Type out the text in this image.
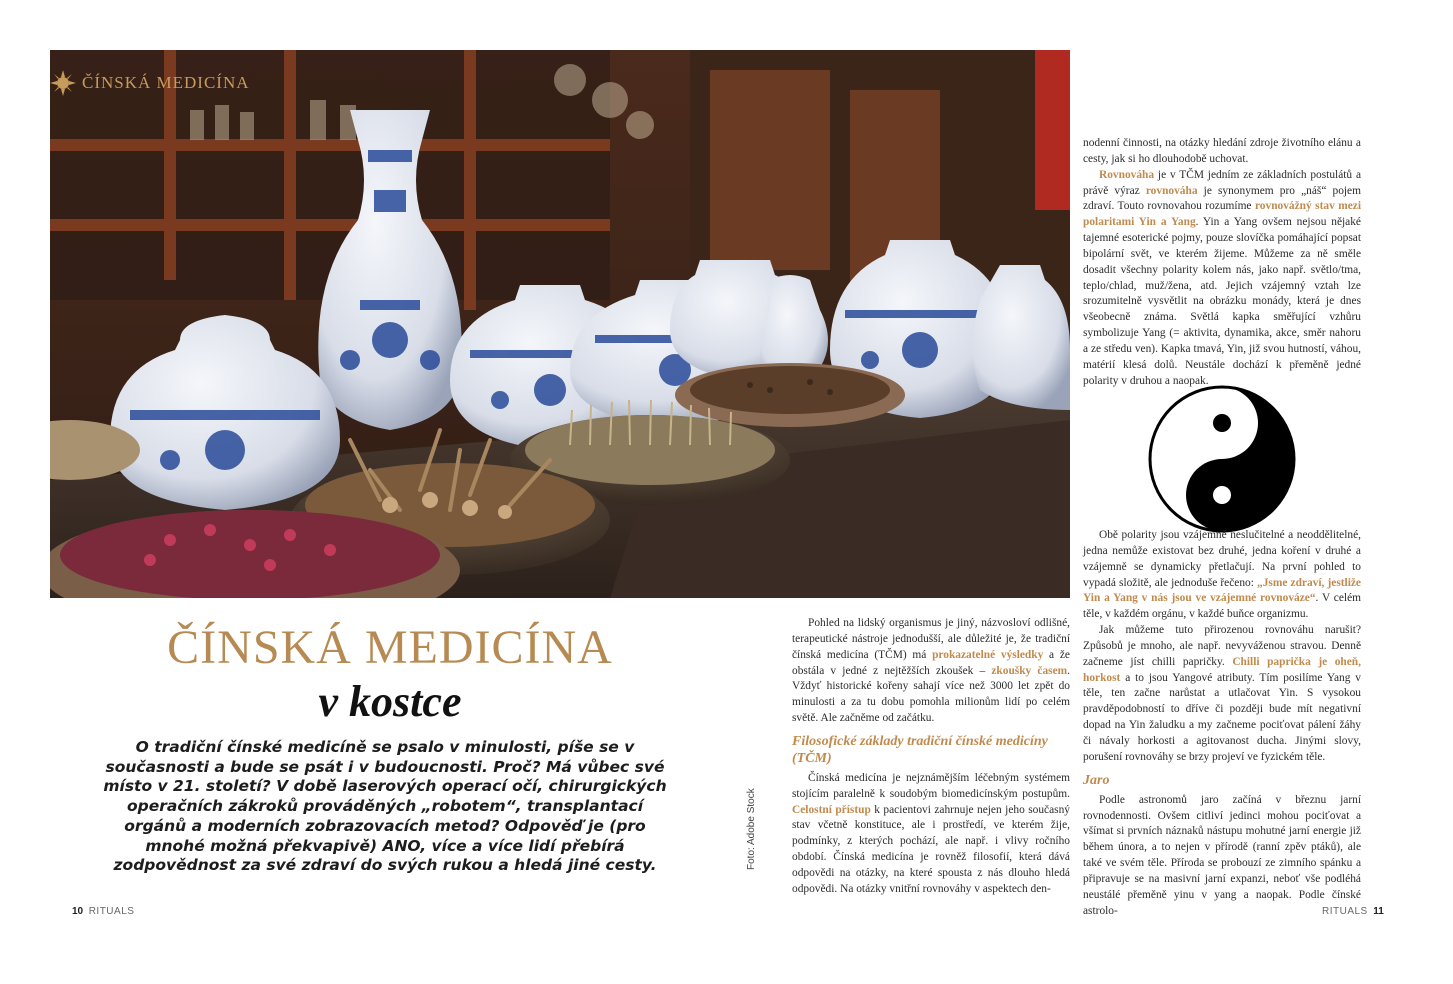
ČÍNSKÁ MEDICÍNA
ČÍNSKÁ MEDICÍNA
v kostce
O tradiční čínské medicíně se psalo v minulosti, píše se v současnosti a bude se psát i v budoucnosti. Proč? Má vůbec své místo v 21. století? V době laserových operací očí, chirurgických operačních zákroků prováděných „robotem“, transplantací orgánů a moderních zobrazovacích metod? Odpověď je (pro mnohé možná překvapivě) ANO, více a více lidí přebírá zodpovědnost za své zdraví do svých rukou a hledá jiné cesty.	Foto: Adobe Stock

Pohled na lidský organismus je jiný, názvosloví odlišné, terapeutické nástroje jednodušší, ale důležité je, že tradiční čínská medicína (TČM) má prokazatelné výsledky a že obstála v jedné z nejtěžších zkoušek – zkoušky časem. Vždyť historické kořeny sahají více než 3000 let zpět do minulosti a za tu dobu pomohla milionům lidí po celém světě. Ale začněme od začátku.

Filosofické základy tradiční čínské medicíny (TČM)

Čínská medicína je nejznámějším léčebným systémem stojícím paralelně k soudobým biomedicínským postupům. Celostní přístup k pacientovi zahrnuje nejen jeho současný stav včetně konstituce, ale i prostředí, ve kterém žije, podmínky, z kterých pochází, ale např. i vlivy ročního období. Čínská medicína je rovněž filosofií, která dává odpovědi na otázky, na které spousta z nás dlouho hledá odpovědi. Na otázky vnitřní rovnováhy v aspektech den-

nodenní činnosti, na otázky hledání zdroje životního elánu a cesty, jak si ho dlouhodobě uchovat.

Rovnováha je v TČM jedním ze základních postulátů a právě výraz rovnováha je synonymem pro „náš“ pojem zdraví. Touto rovnovahou rozumíme rovnovážný stav mezi polaritami Yin a Yang. Yin a Yang ovšem nejsou nějaké tajemné esoterické pojmy, pouze slovíčka pomáhající popsat bipolární svět, ve kterém žijeme. Můžeme za ně směle dosadit všechny polarity kolem nás, jako např. světlo/tma, teplo/chlad, muž/žena, atd. Jejich vzájemný vztah lze srozumitelně vysvětlit na obrázku monády, která je dnes všeobecně známa. Světlá kapka směřující vzhůru symbolizuje Yang (= aktivita, dynamika, akce, směr nahoru a ze středu ven). Kapka tmavá, Yin, již svou hutností, váhou, matérií klesá dolů. Neustále dochází k přeměně jedné polarity v druhou a naopak.

Obě polarity jsou vzájemně neslučitelné a neoddělitelné, jedna nemůže existovat bez druhé, jedna koření v druhé a vzájemně se dynamicky přetlačují. Na první pohled to vypadá složitě, ale jednoduše řečeno: „Jsme zdraví, jestliže Yin a Yang v nás jsou ve vzájemné rovnováze“. V celém těle, v každém orgánu, v každé buňce organizmu.

Jak můžeme tuto přirozenou rovnováhu narušit? Způsobů je mnoho, ale např. nevyváženou stravou. Denně začneme jíst chilli papričky. Chilli paprička je oheň, horkost a to jsou Yangové atributy. Tím posilíme Yang v těle, ten začne narůstat a utlačovat Yin. S vysokou pravděpodobností to dříve či později bude mít negativní dopad na Yin žaludku a my začneme pociťovat pálení žáhy či návaly horkosti a agitovanost ducha. Jinými slovy, porušení rovnováhy se brzy projeví ve fyzickém těle.

Jaro

Podle astronomů jaro začíná v březnu jarní rovnodennosti. Ovšem citliví jedinci mohou pociťovat a všímat si prvních náznaků nástupu mohutné jarní energie již během února, a to nejen v přírodě (ranní zpěv ptáků), ale také ve svém těle. Příroda se probouzí ze zimního spánku a připravuje se na masivní jarní expanzi, neboť vše podléhá neustálé přeměně yinu v yang a naopak. Podle čínské astrolo-

10 RITUALS	RITUALS 11
